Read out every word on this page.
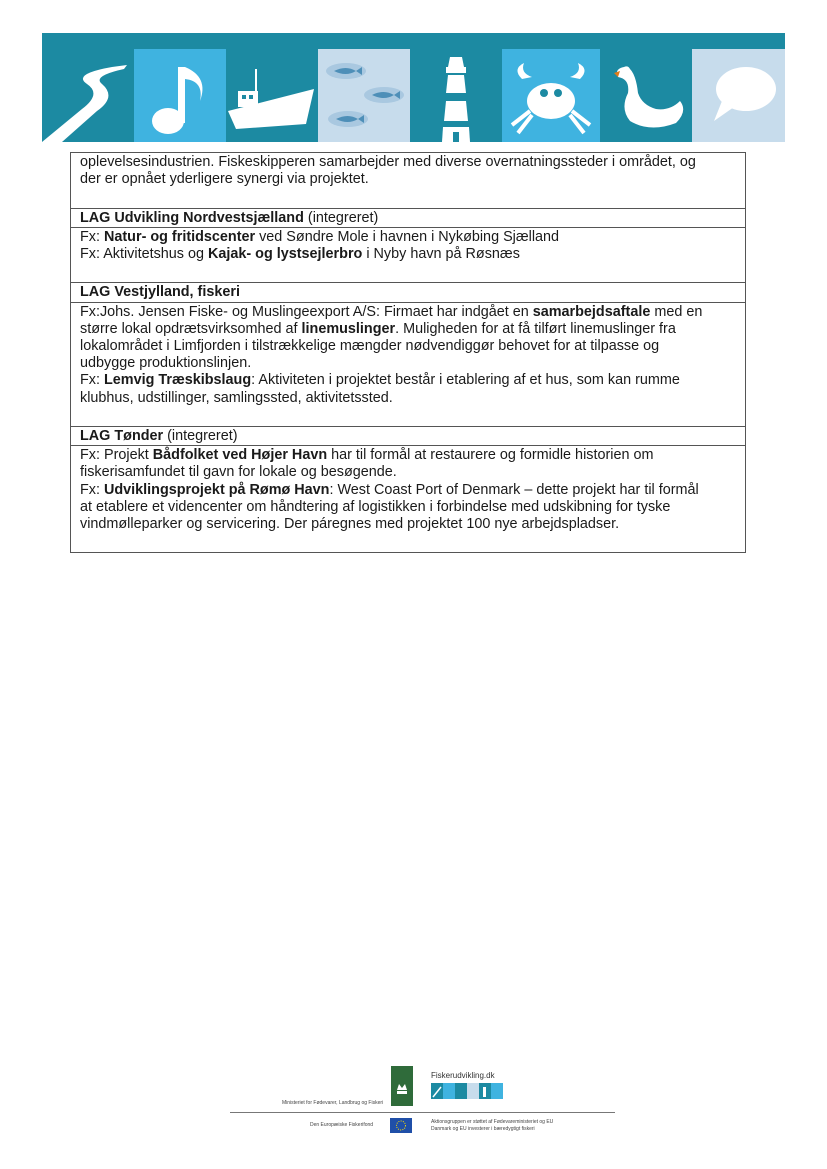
oplevelsesindustrien. Fiskeskipperen samarbejder med diverse overnatningssteder i området, og
der er opnået yderligere synergi via projektet.

LAG Udvikling Nordvestsjælland (integreret)

Fx: Natur- og fritidscenter ved Søndre Mole i havnen i Nykøbing Sjælland
Fx: Aktivitetshus og Kajak- og lystsejlerbro i Nyby havn på Røsnæs

LAG Vestjylland, fiskeri

Fx:Johs. Jensen Fiske- og Muslingeexport A/S: Firmaet har indgået en samarbejdsaftale med en
større lokal opdrætsvirksomhed af linemuslinger. Muligheden for at få tilført linemuslinger fra
lokalområdet i Limfjorden i tilstrækkelige mængder nødvendiggør behovet for at tilpasse og
udbygge produktionslinjen.
Fx: Lemvig Træskibslaug: Aktiviteten i projektet består i etablering af et hus, som kan rumme
klubhus, udstillinger, samlingssted, aktivitetssted.

LAG Tønder (integreret)

Fx: Projekt Bådfolket ved Højer Havn har til formål at restaurere og formidle historien om
fiskerisamfundet til gavn for lokale og besøgende.
Fx: Udviklingsprojekt på Rømø Havn: West Coast Port of Denmark – dette projekt har til formål
at etablere et videncenter om håndtering af logistikken i forbindelse med udskibning for tyske
vindmølleparker og servicering. Der páregnes med projektet 100 nye arbejdspladser.

Ministeriet for Fødevarer, Landbrug og Fiskeri
Den Europæiske Fiskerifond
Fiskerudvikling.dk
Aktionsgruppen er støttet af Fødevareministeriet og EU
Danmark og EU investerer i bæredygtigt fiskeri
